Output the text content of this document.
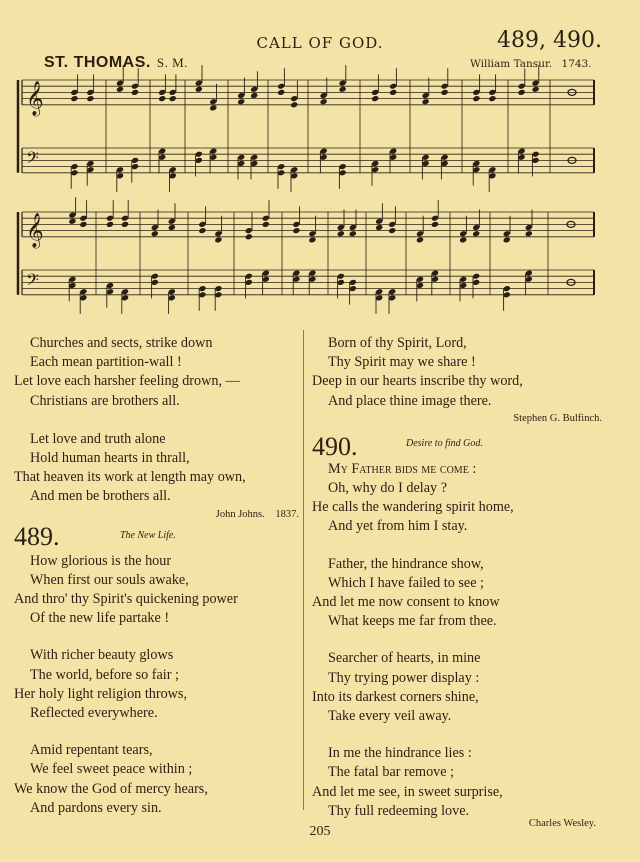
CALL OF GOD.	489, 490.
ST. THOMAS. S. M.	William Tansur. 1743.
𝄞
𝄢
𝄞
𝄢

Churches and sects, strike down

Each mean partition-wall !

Let love each harsher feeling drown, —

Christians are brothers all.

Let love and truth alone

Hold human hearts in thrall,

That heaven its work at length may own,

And men be brothers all.

John Johns. 1837.
489.	The New Life.

How glorious is the hour

When first our souls awake,

And thro' thy Spirit's quickening power

Of the new life partake !

With richer beauty glows

The world, before so fair ;

Her holy light religion throws,

Reflected everywhere.

Amid repentant tears,

We feel sweet peace within ;

We know the God of mercy hears,

And pardons every sin.

Born of thy Spirit, Lord,

Thy Spirit may we share !

Deep in our hearts inscribe thy word,

And place thine image there.

Stephen G. Bulfinch.
490.	Desire to find God.

My Father bids me come :

Oh, why do I delay ?

He calls the wandering spirit home,

And yet from him I stay.

Father, the hindrance show,

Which I have failed to see ;

And let me now consent to know

What keeps me far from thee.

Searcher of hearts, in mine

Thy trying power display :

Into its darkest corners shine,

Take every veil away.

In me the hindrance lies :

The fatal bar remove ;

And let me see, in sweet surprise,

Thy full redeeming love.

Charles Wesley.
205
